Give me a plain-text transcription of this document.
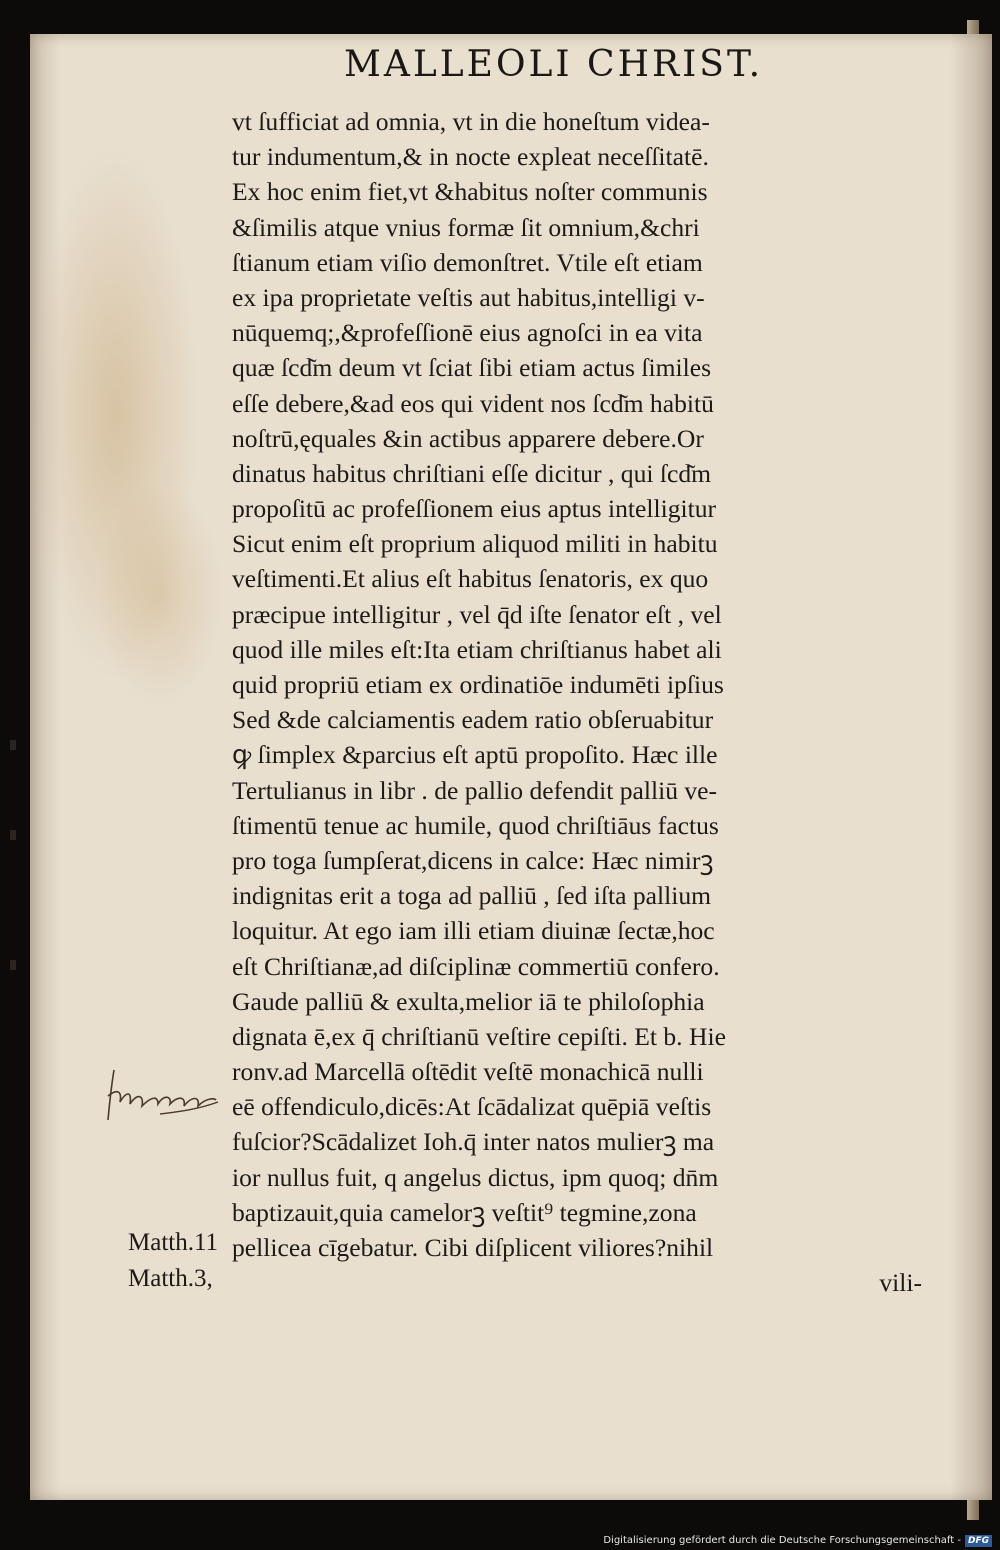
MALLEOLI CHRIST.
vt ſufficiat ad omnia, vt in die honeſtum videa-
tur indumentum,& in nocte expleat neceſſitatē.
Ex hoc enim fiet,vt &habitus noſter communis
&ſimilis atque vnius formæ ſit omnium,&chri
ſtianum etiam viſio demonſtret. Vtile eſt etiam
ex ipa proprietate veſtis aut habitus,intelligi v-
nūquemq;,&profeſſionē eius agnoſci in ea vita
quæ ſcd͂m deum vt ſciat ſibi etiam actus ſimiles
eſſe debere,&ad eos qui vident nos ſcd͂m habitū
noſtrū,ęquales &in actibus apparere debere.Or
dinatus habitus chriſtiani eſſe dicitur , qui ſcd͂m
propoſitū ac profeſſionem eius aptus intelligitur
Sicut enim eſt proprium aliquod militi in habitu
veſtimenti.Et alius eſt habitus ſenatoris, ex quo
præcipue intelligitur , vel q̄d iſte ſenator eſt , vel
quod ille miles eſt:Ita etiam chriſtianus habet ali
quid propriū etiam ex ordinatiōe indumēti ipſius
Sed &de calciamentis eadem ratio obſeruabitur
ꝙ ſimplex &parcius eſt aptū propoſito. Hæc ille
Tertulianus in libr . de pallio defendit palliū ve-
ſtimentū tenue ac humile, quod chriſtiāus factus
pro toga ſumpſerat,dicens in calce: Hæc nimirꝫ
indignitas erit a toga ad palliū , ſed iſta pallium
loquitur. At ego iam illi etiam diuinæ ſectæ,hoc
eſt Chriſtianæ,ad diſciplinæ commertiū confero.
Gaude palliū & exulta,melior iā te philoſophia
dignata ē,ex q̄ chriſtianū veſtire cepiſti. Et b. Hie
ronv.ad Marcellā oſtēdit veſtē monachicā nulli
eē offendiculo,dicēs:At ſcādalizat quēpiā veſtis
fuſcior?Scādalizet Ioh.q̄ inter natos mulierꝫ ma
ior nullus fuit, q angelus dictus, ipm quoq; dn̄m
baptizauit,quia camelorꝫ veſtit⁹ tegmine,zona
pellicea cīgebatur. Cibi diſplicent viliores?nihil
vili-
Matth.11
Matth.3,
Digitalisierung gefördert durch die Deutsche Forschungsgemeinschaft - DFG
